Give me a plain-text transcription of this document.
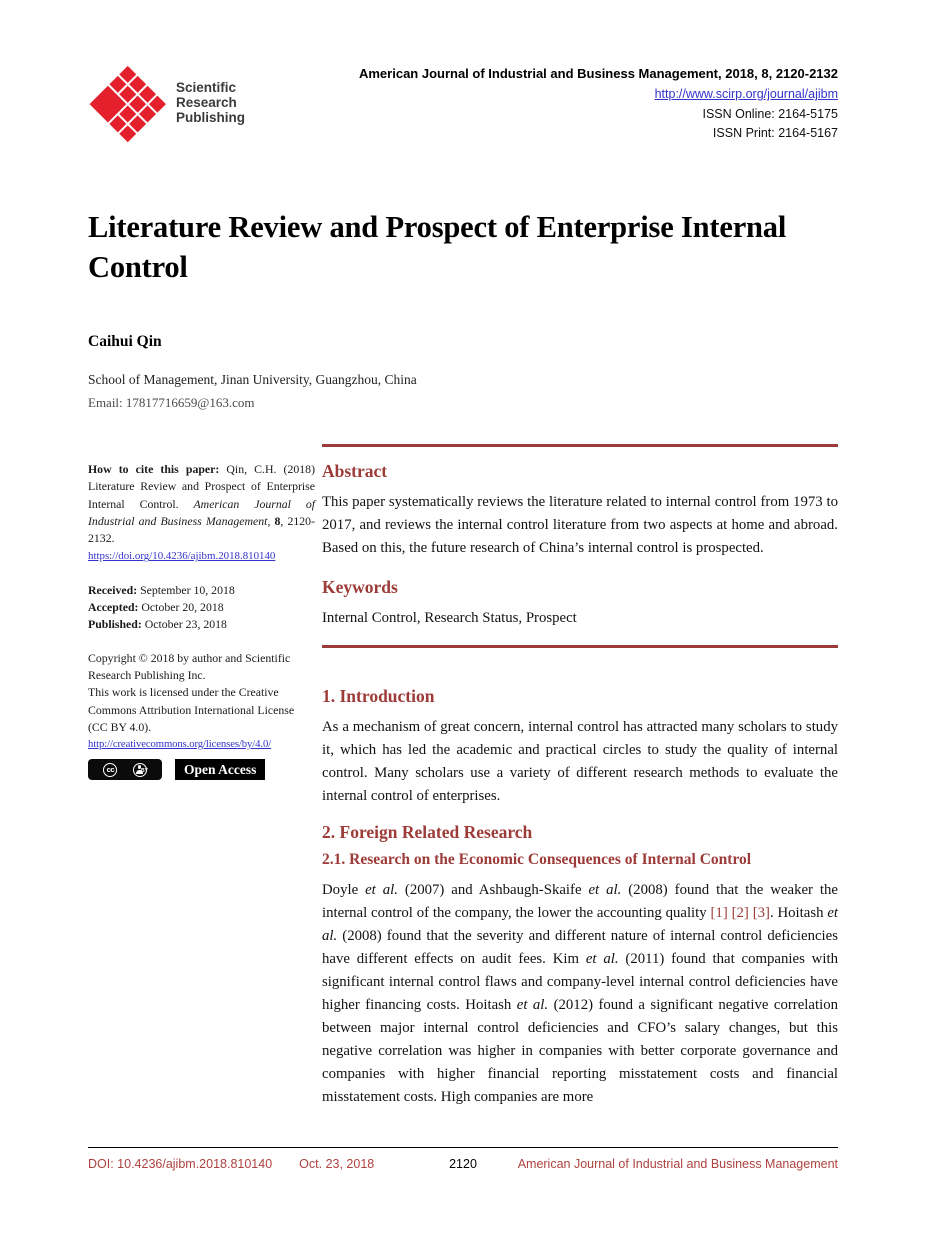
Scientific
Research
Publishing
American Journal of Industrial and Business Management, 2018, 8, 2120-2132
http://www.scirp.org/journal/ajibm
ISSN Online: 2164-5175
ISSN Print: 2164-5167
Literature Review and Prospect of Enterprise Internal Control
Caihui Qin
School of Management, Jinan University, Guangzhou, China
Email: 17817716659@163.com
How to cite this paper: Qin, C.H. (2018) Literature Review and Prospect of Enterprise Internal Control. American Journal of Industrial and Business Management, 8, 2120-2132.
https://doi.org/10.4236/ajibm.2018.810140
Received: September 10, 2018
Accepted: October 20, 2018
Published: October 23, 2018
Copyright © 2018 by author and Scientific Research Publishing Inc.
This work is licensed under the Creative Commons Attribution International License (CC BY 4.0).
http://creativecommons.org/licenses/by/4.0/
cc	BY	Open Access
Abstract
This paper systematically reviews the literature related to internal control from 1973 to 2017, and reviews the internal control literature from two aspects at home and abroad. Based on this, the future research of China’s internal control is prospected.
Keywords
Internal Control, Research Status, Prospect
1. Introduction
As a mechanism of great concern, internal control has attracted many scholars to study it, which has led the academic and practical circles to study the quality of internal control. Many scholars use a variety of different research methods to evaluate the internal control of enterprises.
2. Foreign Related Research
2.1. Research on the Economic Consequences of Internal Control
Doyle et al. (2007) and Ashbaugh-Skaife et al. (2008) found that the weaker the internal control of the company, the lower the accounting quality [1] [2] [3]. Hoitash et al. (2008) found that the severity and different nature of internal control deficiencies have different effects on audit fees. Kim et al. (2011) found that companies with significant internal control flaws and company-level internal control deficiencies have higher financing costs. Hoitash et al. (2012) found a significant negative correlation between major internal control deficiencies and CFO’s salary changes, but this negative correlation was higher in companies with better corporate governance and companies with higher financial reporting misstatement costs and financial misstatement costs. High companies are more
DOI: 10.4236/ajibm.2018.810140 Oct. 23, 2018	2120	American Journal of Industrial and Business Management
